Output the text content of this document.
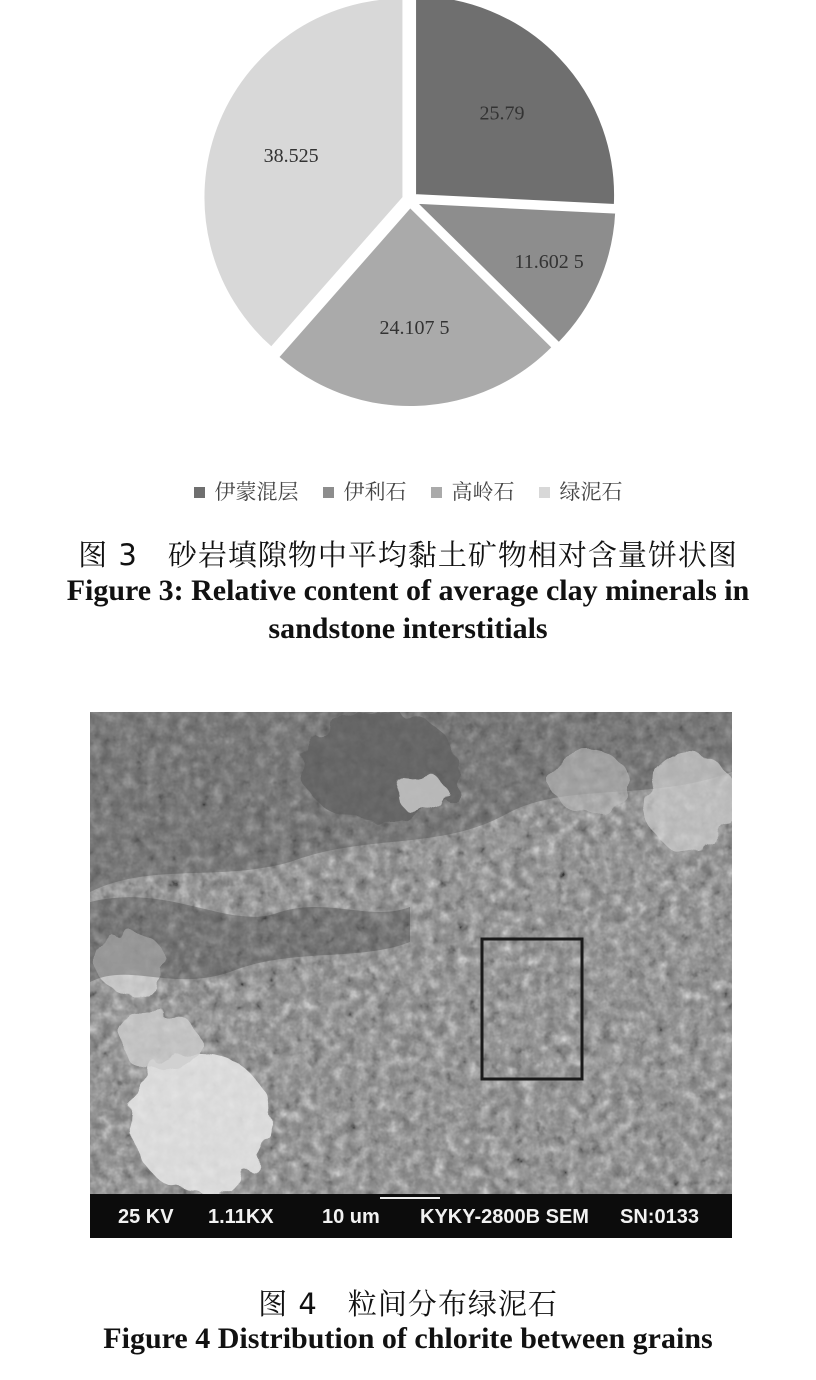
25.79
11.602 5
24.107 5
38.525
伊蒙混层 伊利石 高岭石 绿泥石
图 3　砂岩填隙物中平均黏土矿物相对含量饼状图
Figure 3: Relative content of average clay minerals in sandstone interstitials
25 KV 1.11KX 10 um KYKY-2800B SEM SN:0133
图 4　粒间分布绿泥石
Figure 4 Distribution of chlorite between grains
